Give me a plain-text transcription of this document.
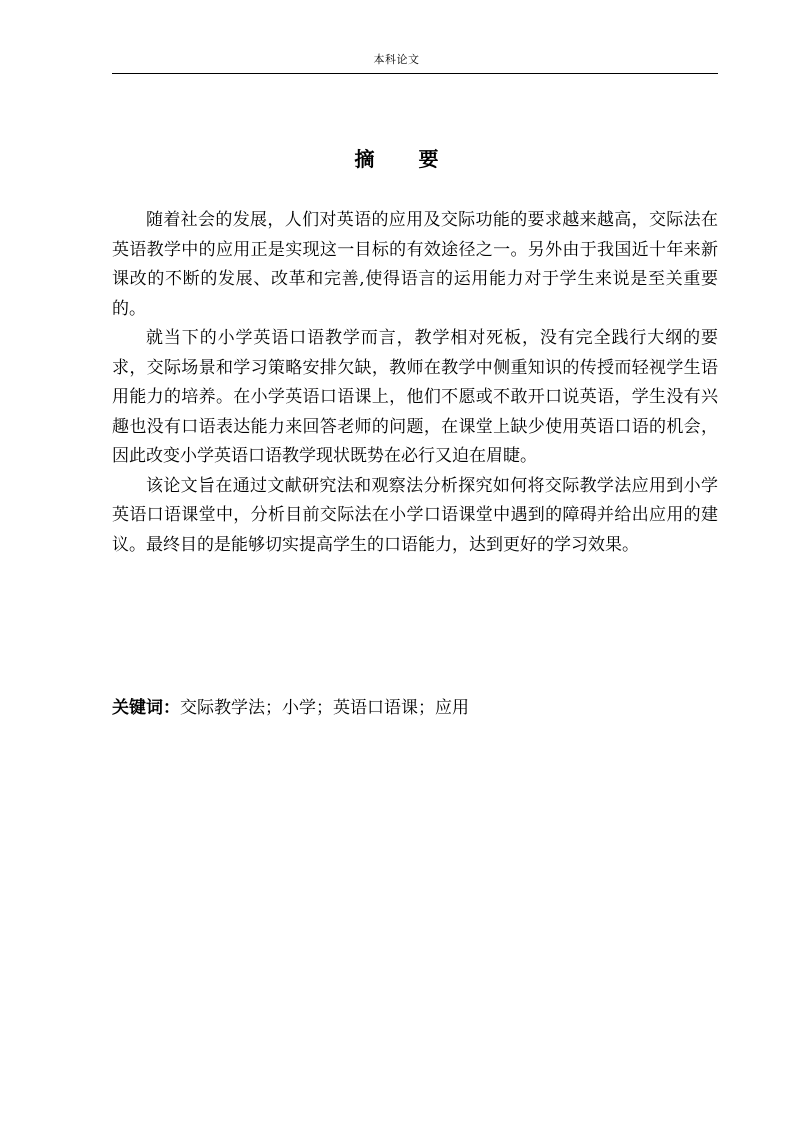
本科论文
摘 要

随着社会的发展，人们对英语的应用及交际功能的要求越来越高，交际法在英语教学中的应用正是实现这一目标的有效途径之一。另外由于我国近十年来新课改的不断的发展、改革和完善,使得语言的运用能力对于学生来说是至关重要的。

就当下的小学英语口语教学而言，教学相对死板，没有完全践行大纲的要求，交际场景和学习策略安排欠缺，教师在教学中侧重知识的传授而轻视学生语用能力的培养。在小学英语口语课上，他们不愿或不敢开口说英语，学生没有兴趣也没有口语表达能力来回答老师的问题，在课堂上缺少使用英语口语的机会，因此改变小学英语口语教学现状既势在必行又迫在眉睫。

该论文旨在通过文献研究法和观察法分析探究如何将交际教学法应用到小学英语口语课堂中，分析目前交际法在小学口语课堂中遇到的障碍并给出应用的建议。最终目的是能够切实提高学生的口语能力，达到更好的学习效果。

关键词：交际教学法；小学；英语口语课；应用
